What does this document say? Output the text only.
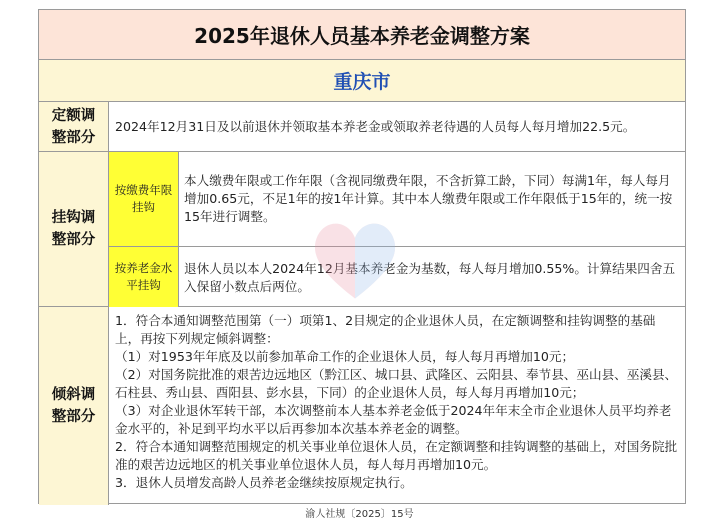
2025年退休人员基本养老金调整方案
重庆市
定额调整部分
2024年12月31日及以前退休并领取基本养老金或领取养老待遇的人员每人每月增加22.5元。
挂钩调整部分
按缴费年限挂钩
本人缴费年限或工作年限（含视同缴费年限，不含折算工龄，下同）每满1年，每人每月增加0.65元，不足1年的按1年计算。其中本人缴费年限或工作年限低于15年的，统一按15年进行调整。
按养老金水平挂钩
退休人员以本人2024年12月基本养老金为基数，每人每月增加0.55%。计算结果四舍五入保留小数点后两位。
倾斜调整部分
1．符合本通知调整范围第（一）项第1、2目规定的企业退休人员，在定额调整和挂钩调整的基础上，再按下列规定倾斜调整：
（1）对1953年年底及以前参加革命工作的企业退休人员，每人每月再增加10元；
（2）对国务院批准的艰苦边远地区（黔江区、城口县、武隆区、云阳县、奉节县、巫山县、巫溪县、石柱县、秀山县、酉阳县、彭水县，下同）的企业退休人员，每人每月再增加10元；
（3）对企业退休军转干部，本次调整前本人基本养老金低于2024年年末全市企业退休人员平均养老金水平的，补足到平均水平以后再参加本次基本养老金的调整。
2．符合本通知调整范围规定的机关事业单位退休人员，在定额调整和挂钩调整的基础上，对国务院批准的艰苦边远地区的机关事业单位退休人员，每人每月再增加10元。
3．退休人员增发高龄人员养老金继续按原规定执行。
渝人社规〔2025〕15号
